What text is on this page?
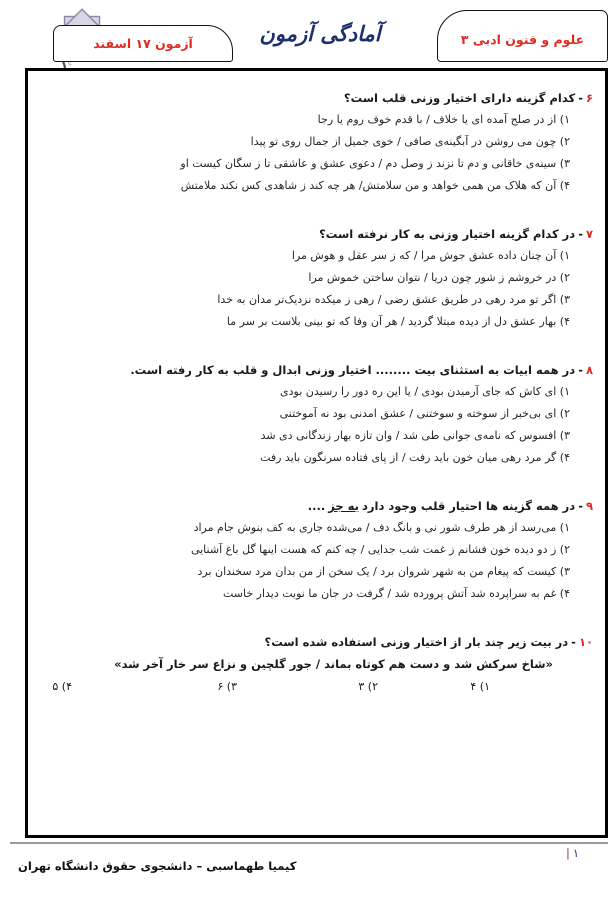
آزمون ۱۷ اسفند	آمادگی آزمون	علوم و فنون ادبی ۳
۶-کدام گزینه دارای اختیار وزنی قلب است؟
۱) از در صلح آمده ای یا خلاف / با قدم خوف روم یا رجا
۲) چون می روشن در آبگینه‌ی صافی / خوی جمیل از جمال روی تو پیدا
۳) سینه‌ی خاقانی و دم تا نزند ز وصل دم / دعوی عشق و عاشقی تا ز سگان کیست او
۴) آن که هلاک من همی خواهد و من سلامتش/ هر چه کند ز شاهدی کس نکند ملامتش
۷-در کدام گزینه اختیار وزنی به کار نرفته است؟
۱) آن چنان داده عشق جوش مرا / که ز سر عقل و هوش مرا
۲) در خروشم ز شور چون دریا / نتوان ساختن خموش مرا
۳) اگر تو مرد رهی در طریق عشق رضی / رهی ز میکده نزدیک‌تر مدان به خدا
۴) بهار عشق دل از دیده مبتلا گردید / هر آن وفا که تو بینی بلاست بر سر ما
۸-در همه ابیات به استثنای بیت ........ اختیار وزنی ابدال و قلب به کار رفته است.
۱) ای کاش که جای آرمیدن بودی / یا این ره دور را رسیدن بودی
۲) ای بی‌خبر از سوخته و سوختنی / عشق امدنی بود نه آموختنی
۳) افسوس که نامه‌ی جوانی طی شد / وان تازه بهار زندگانی دی شد
۴) گر مرد رهی میان خون باید رفت / از پای فتاده سرنگون باید رفت
۹-در همه گزینه ها احتیار قلب وجود داردبه جز....
۱) می‌رسد از هر طرف شور نی و بانگ دف / می‌شده جاری به کف بنوش جام مراد
۲) ز دو دیده خون فشانم ز غمت شب جدایی / چه کنم که هست اینها گل باغ آشنایی
۳) کیست که پیغام من به شهر شروان برد / یک سخن از من بدان مرد سخندان برد
۴) غم به سراپرده شد آتش پرورده شد / گرفت در جان ما نوبت دیدار خاست
۱۰-در بیت زیر چند بار از اختیار وزنی استفاده شده است؟
«شاخ سرکش شد و دست هم کوتاه بماند / جور گلچین و نزاع سر خار آخر شد»
۱) ۴
۲) ۳
۳) ۶
۴) ۵
| ۱
کیمیا طهماسبی – دانشجوی حقوق دانشگاه تهران
